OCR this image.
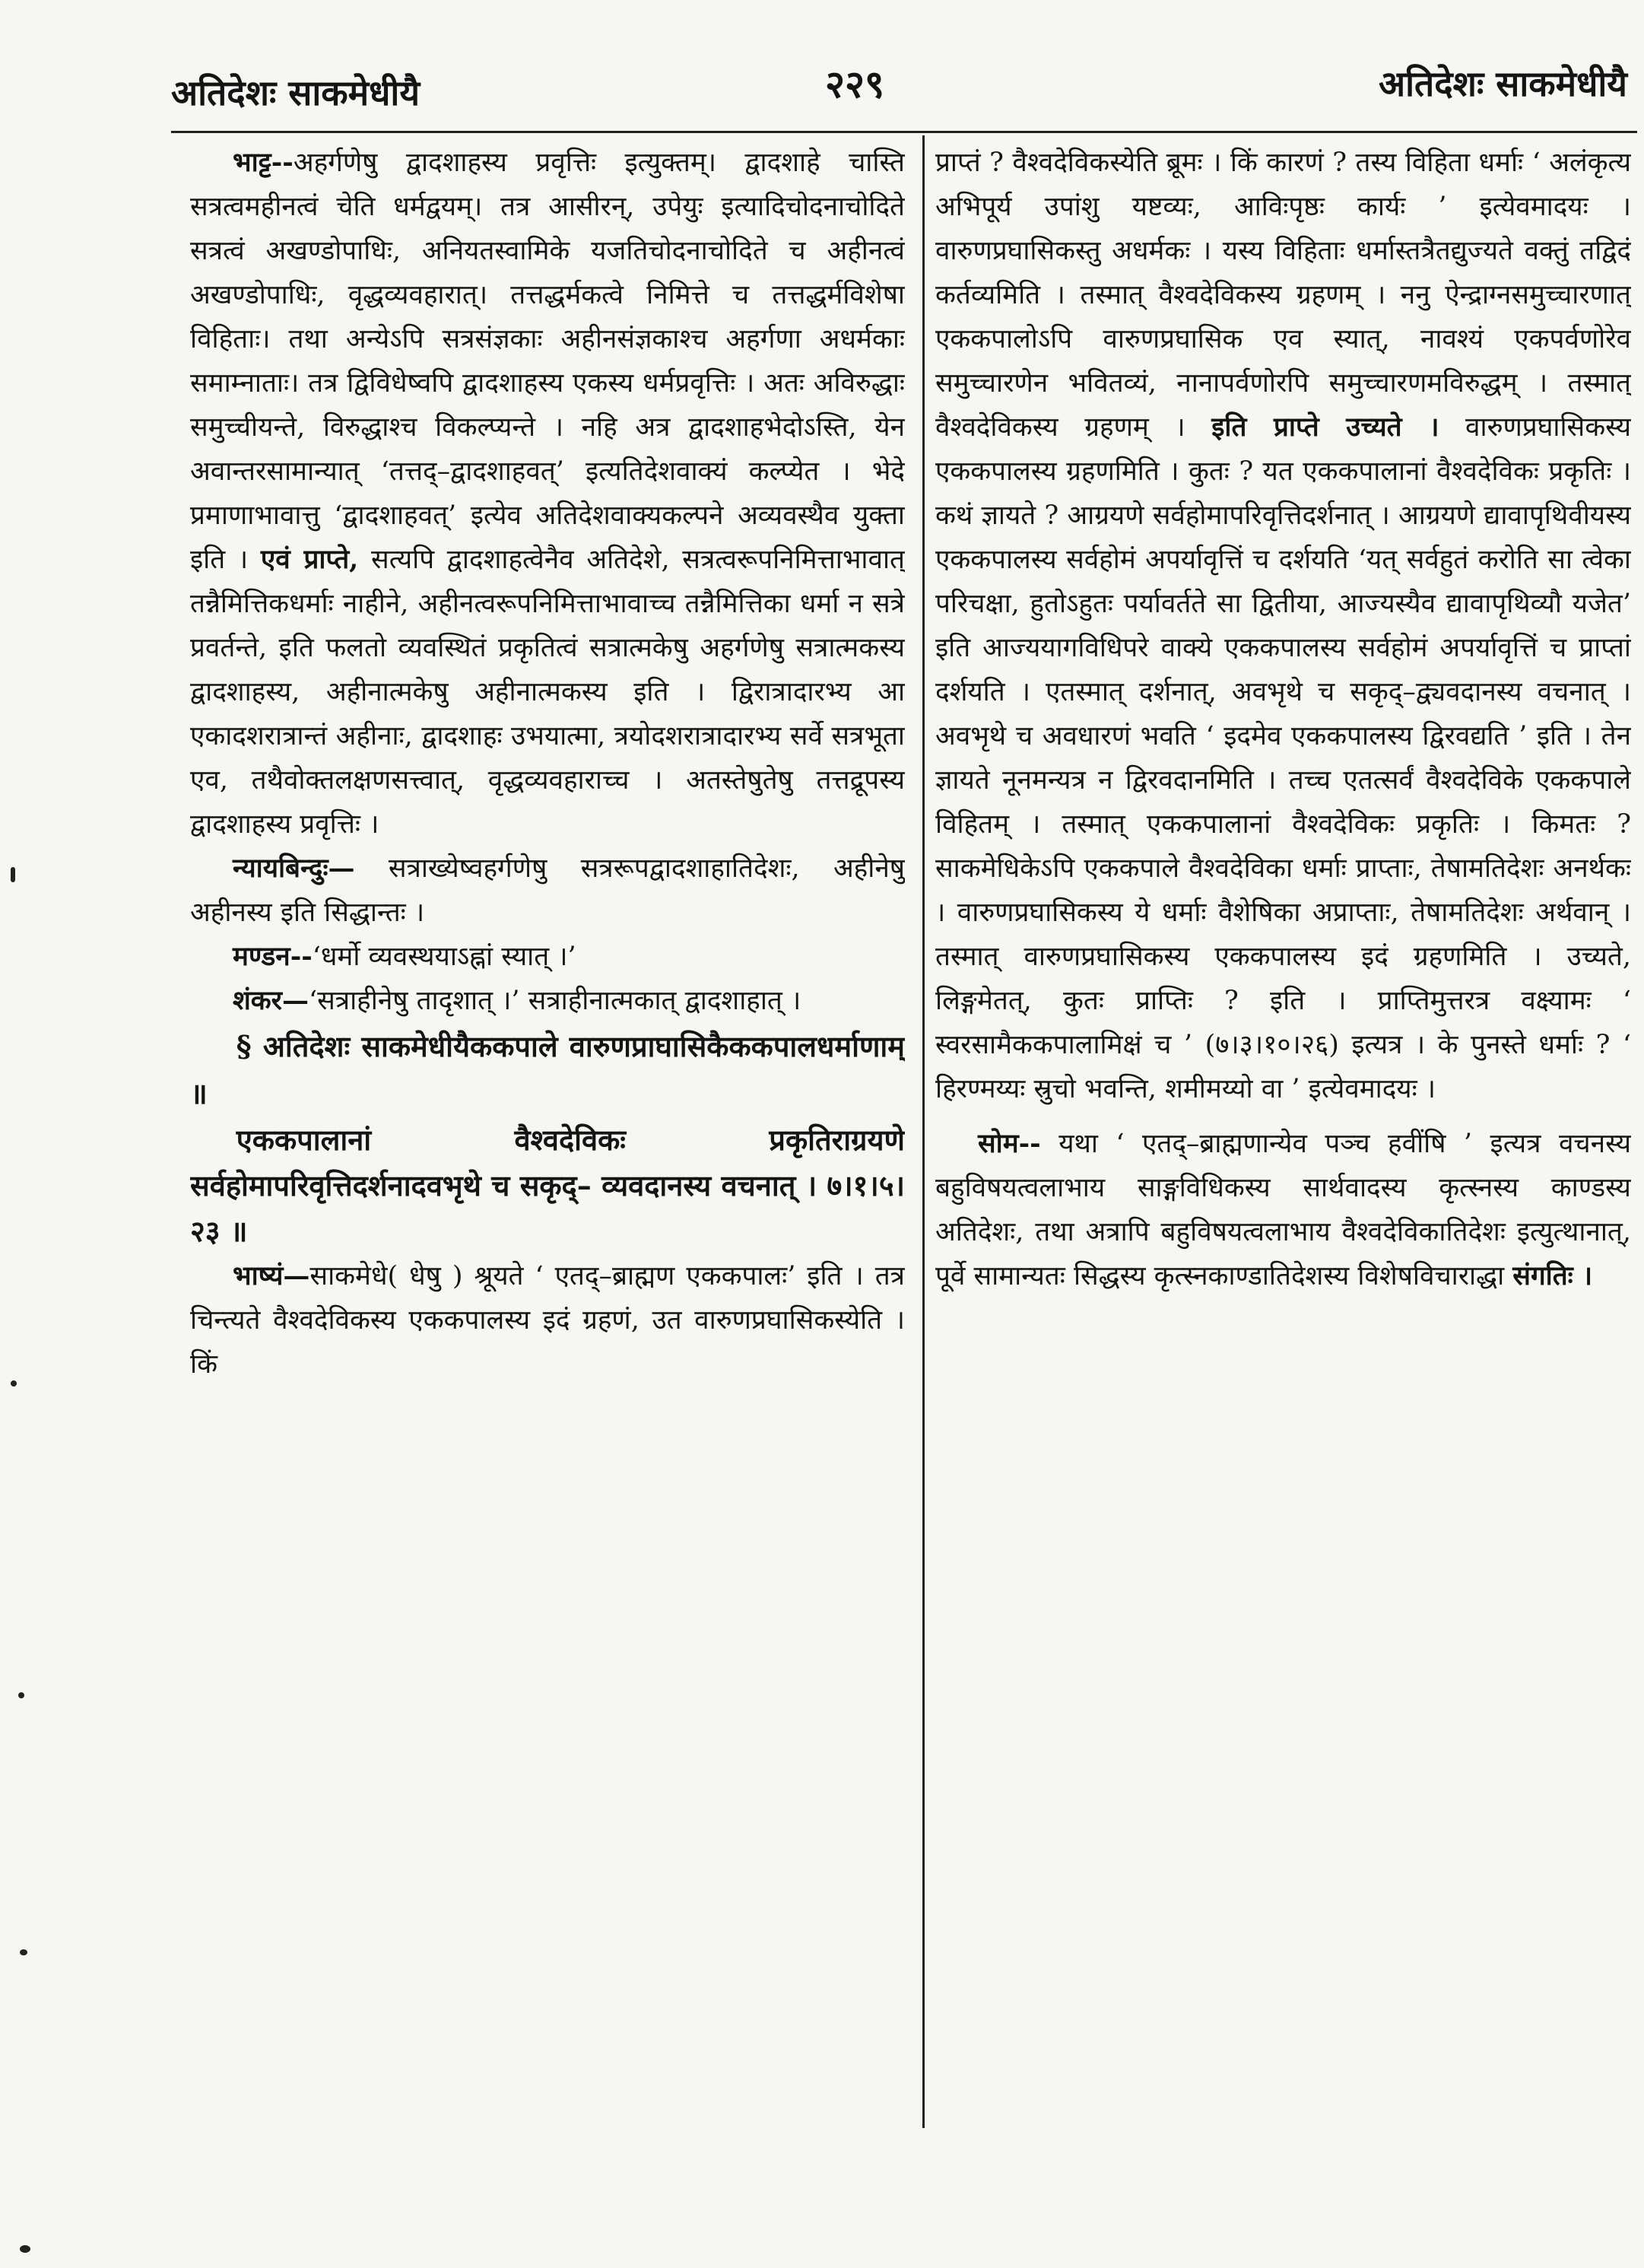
अतिदेशः साकमेधीयै	२२९	अतिदेशः साकमेधीयै

भाट्ट--अहर्गणेषु द्वादशाहस्य प्रवृत्तिः इत्युक्तम्। द्वादशाहे चास्ति सत्रत्वमहीनत्वं चेति धर्मद्वयम्। तत्र आसीरन्, उपेयुः इत्यादिचोदनाचोदिते सत्रत्वं अखण्डोपाधिः, अनियतस्वामिके यजतिचोदनाचोदिते च अहीनत्वं अखण्डोपाधिः, वृद्धव्यवहारात्। तत्तद्धर्मकत्वे निमित्ते च तत्तद्धर्मविशेषा विहिताः। तथा अन्येऽपि सत्रसंज्ञकाः अहीनसंज्ञकाश्च अहर्गणा अधर्मकाः समाम्नाताः। तत्र द्विविधेष्वपि द्वादशाहस्य एकस्य धर्मप्रवृत्तिः । अतः अविरुद्धाः समुच्चीयन्ते, विरुद्धाश्च विकल्प्यन्ते । नहि अत्र द्वादशाहभेदोऽस्ति, येन अवान्तरसामान्यात् ‘तत्तद्–द्वादशाहवत्’ इत्यतिदेशवाक्यं कल्प्येत । भेदे प्रमाणाभावात्तु ‘द्वादशाहवत्’ इत्येव अतिदेशवाक्यकल्पने अव्यवस्थैव युक्ता इति । एवं प्राप्ते, सत्यपि द्वादशाहत्वेनैव अतिदेशे, सत्रत्वरूपनिमित्ताभावात् तन्नैमित्तिकधर्माः नाहीने, अहीनत्वरूपनिमित्ताभावाच्च तन्नैमित्तिका धर्मा न सत्रे प्रवर्तन्ते, इति फलतो व्यवस्थितं प्रकृतित्वं सत्रात्मकेषु अहर्गणेषु सत्रात्मकस्य द्वादशाहस्य, अहीनात्मकेषु अहीनात्मकस्य इति । द्विरात्रादारभ्य आ एकादशरात्रान्तं अहीनाः, द्वादशाहः उभयात्मा, त्रयोदशरात्रादारभ्य सर्वे सत्रभूता एव, तथैवोक्तलक्षणसत्त्वात्, वृद्धव्यवहाराच्च । अतस्तेषुतेषु तत्तद्रूपस्य द्वादशाहस्य प्रवृत्तिः ।

न्यायबिन्दुः— सत्राख्येष्वहर्गणेषु सत्ररूपद्वादशाहातिदेशः, अहीनेषु अहीनस्य इति सिद्धान्तः ।

मण्डन--‘धर्मो व्यवस्थयाऽह्नां स्यात् ।’

शंकर—‘सत्राहीनेषु तादृशात् ।’ सत्राहीनात्मकात् द्वादशाहात् ।

§ अतिदेशः साकमेधीयैककपाले वारुणप्राघासिकैककपालधर्माणाम् ॥

एककपालानां वैश्वदेविकः प्रकृतिराग्रयणे सर्वहोमापरिवृत्तिदर्शनादवभृथे च सकृद्– व्यवदानस्य वचनात् । ७।१।५।२३ ॥

भाष्यं—साकमेधे( धेषु ) श्रूयते ‘ एतद्–ब्राह्मण एककपालः’ इति । तत्र चिन्त्यते वैश्वदेविकस्य एककपालस्य इदं ग्रहणं, उत वारुणप्रघासिकस्येति । किं

प्राप्तं ? वैश्वदेविकस्येति ब्रूमः । किं कारणं ? तस्य विहिता धर्माः ‘ अलंकृत्य अभिपूर्य उपांशु यष्टव्यः, आविःपृष्ठः कार्यः ’ इत्येवमादयः । वारुणप्रघासिकस्तु अधर्मकः । यस्य विहिताः धर्मास्तत्रैतद्युज्यते वक्तुं तद्विदं कर्तव्यमिति । तस्मात् वैश्वदेविकस्य ग्रहणम् । ननु ऐन्द्राग्नसमुच्चारणात् एककपालोऽपि वारुणप्रघासिक एव स्यात्, नावश्यं एकपर्वणोरेव समुच्चारणेन भवितव्यं, नानापर्वणोरपि समुच्चारणमविरुद्धम् । तस्मात् वैश्वदेविकस्य ग्रहणम् । इति प्राप्ते उच्यते । वारुणप्रघासिकस्य एककपालस्य ग्रहणमिति । कुतः ? यत एककपालानां वैश्वदेविकः प्रकृतिः । कथं ज्ञायते ? आग्रयणे सर्वहोमापरिवृत्तिदर्शनात् । आग्रयणे द्यावापृथिवीयस्य एककपालस्य सर्वहोमं अपर्यावृत्तिं च दर्शयति ‘यत् सर्वहुतं करोति सा त्वेका परिचक्षा, हुतोऽहुतः पर्यावर्तते सा द्वितीया, आज्यस्यैव द्यावापृथिव्यौ यजेत’ इति आज्ययागविधिपरे वाक्ये एककपालस्य सर्वहोमं अपर्यावृत्तिं च प्राप्तां दर्शयति । एतस्मात् दर्शनात्, अवभृथे च सकृद्–द्व्यवदानस्य वचनात् । अवभृथे च अवधारणं भवति ‘ इदमेव एककपालस्य द्विरवद्यति ’ इति । तेन ज्ञायते नूनमन्यत्र न द्विरवदानमिति । तच्च एतत्सर्वं वैश्वदेविके एककपाले विहितम् । तस्मात् एककपालानां वैश्वदेविकः प्रकृतिः । किमतः ? साकमेधिकेऽपि एककपाले वैश्वदेविका धर्माः प्राप्ताः, तेषामतिदेशः अनर्थकः । वारुणप्रघासिकस्य ये धर्माः वैशेषिका अप्राप्ताः, तेषामतिदेशः अर्थवान् । तस्मात् वारुणप्रघासिकस्य एककपालस्य इदं ग्रहणमिति । उच्यते, लिङ्गमेतत्, कुतः प्राप्तिः ? इति । प्राप्तिमुत्तरत्र वक्ष्यामः ‘ स्वरसामैककपालामिक्षं च ’ (७।३।१०।२६) इत्यत्र । के पुनस्ते धर्माः ? ‘ हिरण्मय्यः स्रुचो भवन्ति, शमीमय्यो वा ’ इत्येवमादयः ।

सोम-- यथा ‘ एतद्–ब्राह्मणान्येव पञ्च हवींषि ’ इत्यत्र वचनस्य बहुविषयत्वलाभाय साङ्गविधिकस्य सार्थवादस्य कृत्स्नस्य काण्डस्य अतिदेशः, तथा अत्रापि बहुविषयत्वलाभाय वैश्वदेविकातिदेशः इत्युत्थानात्, पूर्वे सामान्यतः सिद्धस्य कृत्स्नकाण्डातिदेशस्य विशेषविचाराद्धा संगतिः ।
